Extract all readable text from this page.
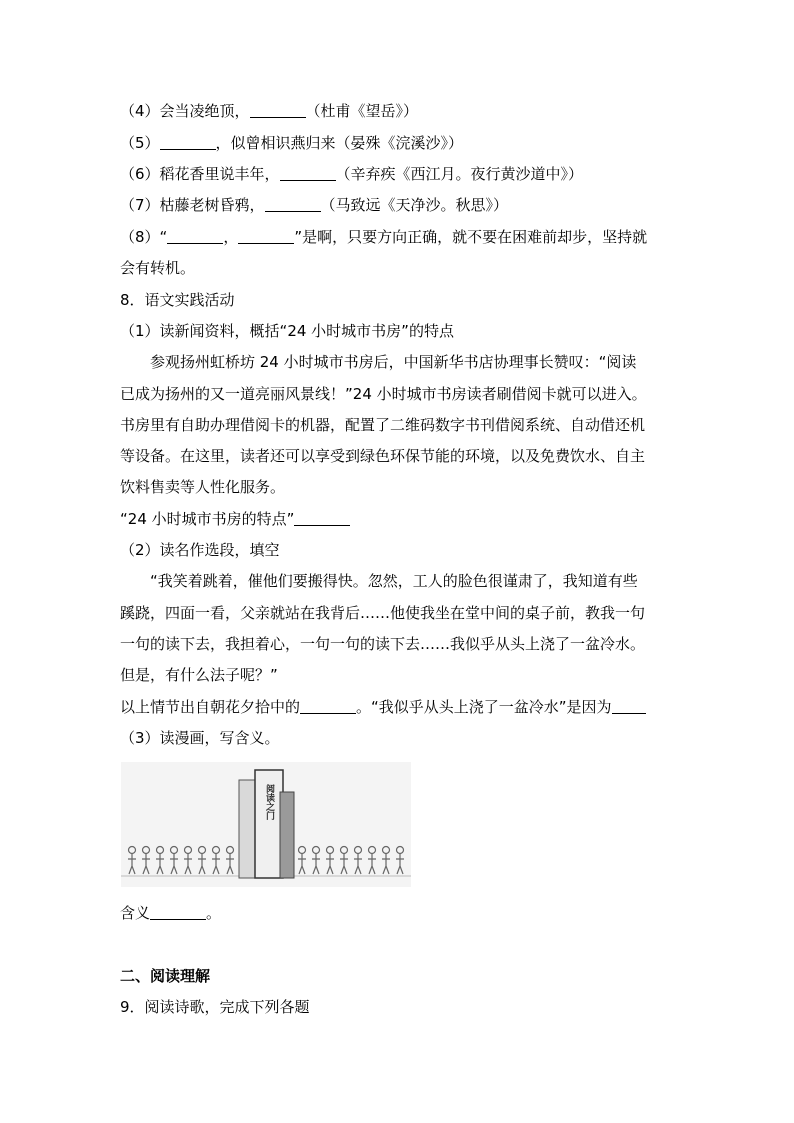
（4）会当凌绝顶，	（杜甫《望岳》）
（5）	，似曾相识燕归来（晏殊《浣溪沙》）
（6）稻花香里说丰年，	（辛弃疾《西江月。夜行黄沙道中》）
（7）枯藤老树昏鸦，	（马致远《天净沙。秋思》）
（8）“	，	”是啊，只要方向正确，就不要在困难前却步，坚持就
会有转机。
8．语文实践活动
（1）读新闻资料，概括“24 小时城市书房”的特点
参观扬州虹桥坊 24 小时城市书房后，中国新华书店协理事长赞叹：“阅读
已成为扬州的又一道亮丽风景线！”24 小时城市书房读者刷借阅卡就可以进入。
书房里有自助办理借阅卡的机器，配置了二维码数字书刊借阅系统、自动借还机
等设备。在这里，读者还可以享受到绿色环保节能的环境，以及免费饮水、自主
饮料售卖等人性化服务。
“24 小时城市书房的特点”
（2）读名作选段，填空
“我笑着跳着，催他们要搬得快。忽然，工人的脸色很谨肃了，我知道有些
蹊跷，四面一看，父亲就站在我背后……他使我坐在堂中间的桌子前，教我一句
一句的读下去，我担着心，一句一句的读下去……我似乎从头上浇了一盆冷水。
但是，有什么法子呢？”
以上情节出自朝花夕拾中的	。“我似乎从头上浇了一盆冷水”是因为
（3）读漫画，写含义。
阅读之门
含义	。
二、阅读理解
9．阅读诗歌，完成下列各题
